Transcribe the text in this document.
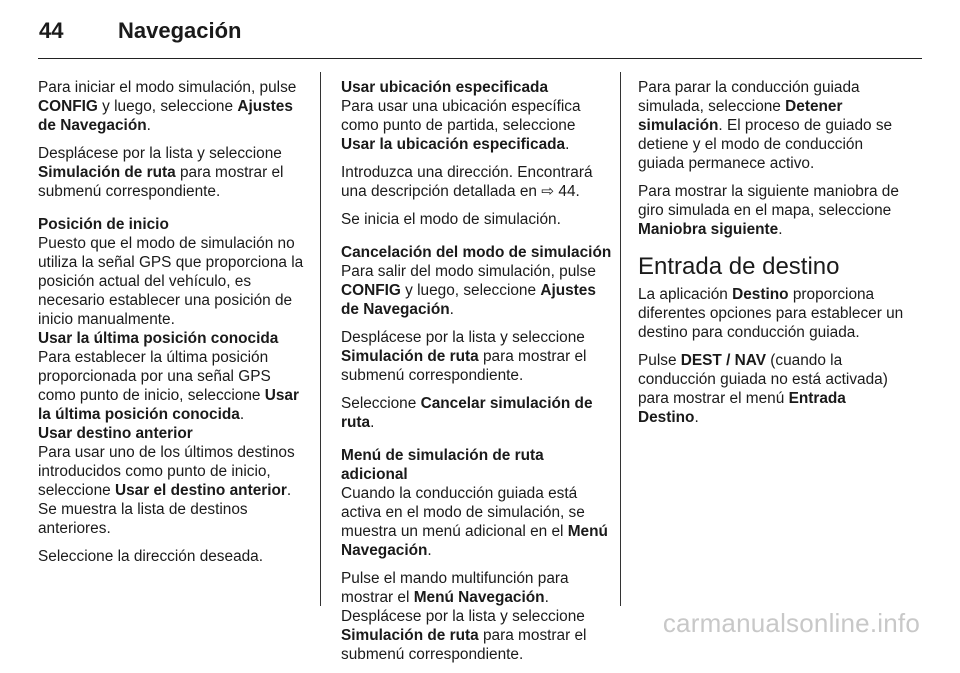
44 Navegación

Para iniciar el modo simulación, pulse CONFIG y luego, seleccione Ajustes de Navegación.

Desplácese por la lista y seleccione Simulación de ruta para mostrar el submenú correspondiente.

Posición de inicio

Puesto que el modo de simulación no utiliza la señal GPS que proporciona la posición actual del vehículo, es necesario establecer una posición de inicio manualmente.

Usar la última posición conocida

Para establecer la última posición proporcionada por una señal GPS como punto de inicio, seleccione Usar la última posición conocida.

Usar destino anterior

Para usar uno de los últimos destinos introducidos como punto de inicio, seleccione Usar el destino anterior. Se muestra la lista de destinos anteriores.

Seleccione la dirección deseada.

Usar ubicación especificada

Para usar una ubicación específica como punto de partida, seleccione Usar la ubicación especificada.

Introduzca una dirección. Encontrará una descripción detallada en ⇨ 44.

Se inicia el modo de simulación.

Cancelación del modo de simulación

Para salir del modo simulación, pulse CONFIG y luego, seleccione Ajustes de Navegación.

Desplácese por la lista y seleccione Simulación de ruta para mostrar el submenú correspondiente.

Seleccione Cancelar simulación de ruta.

Menú de simulación de ruta adicional

Cuando la conducción guiada está activa en el modo de simulación, se muestra un menú adicional en el Menú Navegación.

Pulse el mando multifunción para mostrar el Menú Navegación. Desplácese por la lista y seleccione Simulación de ruta para mostrar el submenú correspondiente.

Para parar la conducción guiada simulada, seleccione Detener simulación. El proceso de guiado se detiene y el modo de conducción guiada permanece activo.

Para mostrar la siguiente maniobra de giro simulada en el mapa, seleccione Maniobra siguiente.

Entrada de destino

La aplicación Destino proporciona diferentes opciones para establecer un destino para conducción guiada.

Pulse DEST / NAV (cuando la conducción guiada no está activada) para mostrar el menú Entrada Destino.

carmanualsonline.info
